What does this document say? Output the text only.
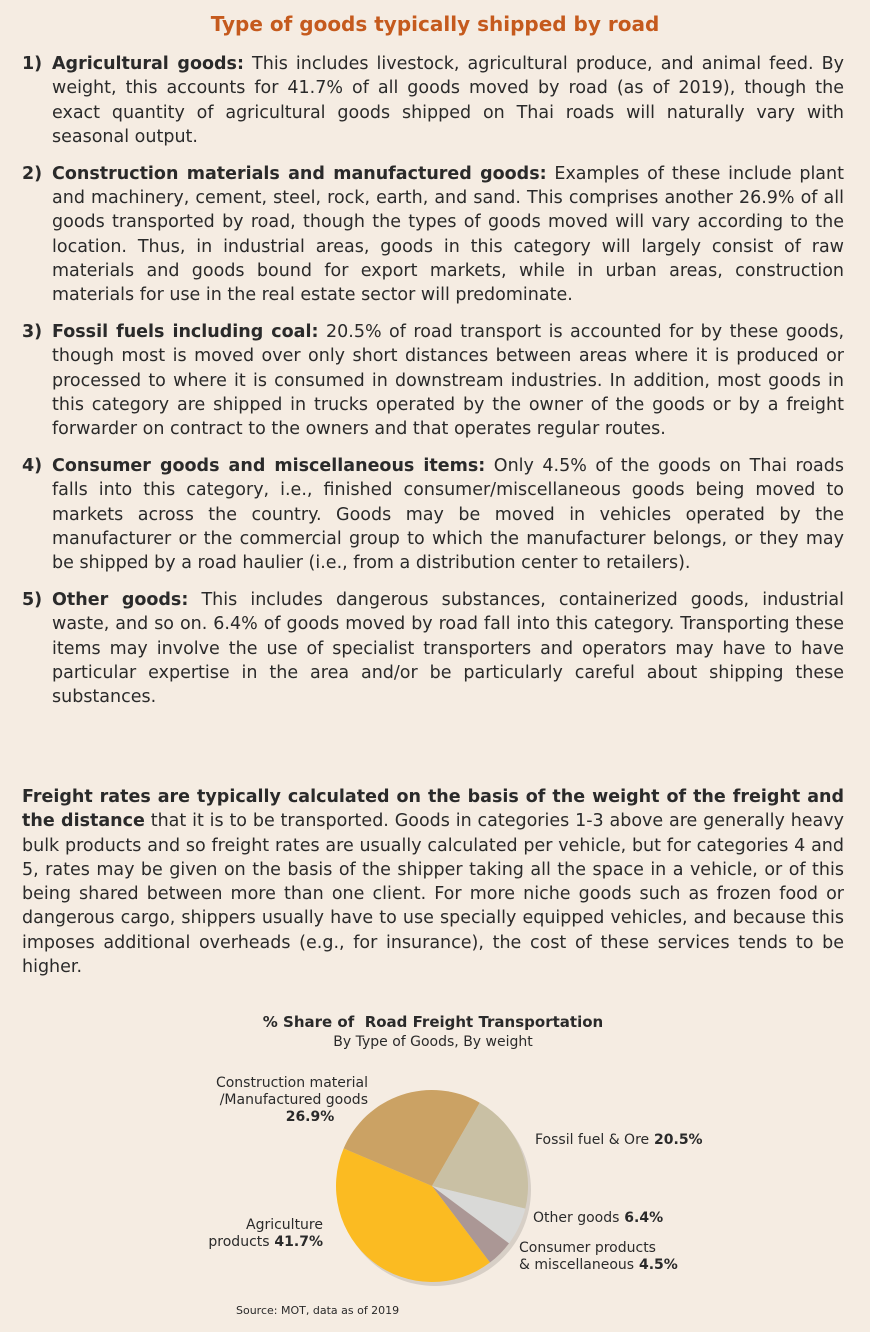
Type of goods typically shipped by road
1) Agricultural goods: This includes livestock, agricultural produce, and animal feed. By weight, this accounts for 41.7% of all goods moved by road (as of 2019), though the exact quantity of agricultural goods shipped on Thai roads will naturally vary with seasonal output.
2) Construction materials and manufactured goods: Examples of these include plant and machinery, cement, steel, rock, earth, and sand. This comprises another 26.9% of all goods transported by road, though the types of goods moved will vary according to the location. Thus, in industrial areas, goods in this category will largely consist of raw materials and goods bound for export markets, while in urban areas, construction materials for use in the real estate sector will predominate.
3) Fossil fuels including coal: 20.5% of road transport is accounted for by these goods, though most is moved over only short distances between areas where it is produced or processed to where it is consumed in downstream industries. In addition, most goods in this category are shipped in trucks operated by the owner of the goods or by a freight forwarder on contract to the owners and that operates regular routes.
4) Consumer goods and miscellaneous items: Only 4.5% of the goods on Thai roads falls into this category, i.e., finished consumer/miscellaneous goods being moved to markets across the country. Goods may be moved in vehicles operated by the manufacturer or the commercial group to which the manufacturer belongs, or they may be shipped by a road haulier (i.e., from a distribution center to retailers).
5) Other goods: This includes dangerous substances, containerized goods, industrial waste, and so on. 6.4% of goods moved by road fall into this category. Transporting these items may involve the use of specialist transporters and operators may have to have particular expertise in the area and/or be particularly careful about shipping these substances.

Freight rates are typically calculated on the basis of the weight of the freight and the distance that it is to be transported. Goods in categories 1-3 above are generally heavy bulk products and so freight rates are usually calculated per vehicle, but for categories 4 and 5, rates may be given on the basis of the shipper taking all the space in a vehicle, or of this being shared between more than one client. For more niche goods such as frozen food or dangerous cargo, shippers usually have to use specially equipped vehicles, and because this imposes additional overheads (e.g., for insurance), the cost of these services tends to be higher.

% Share of  Road Freight Transportation
By Type of Goods, By weight
Construction material /Manufactured goods 26.9%
Fossil fuel & Ore 20.5%
Other goods 6.4%
Consumer products & miscellaneous 4.5%
Agriculture products 41.7%
Source: MOT, data as of 2019
